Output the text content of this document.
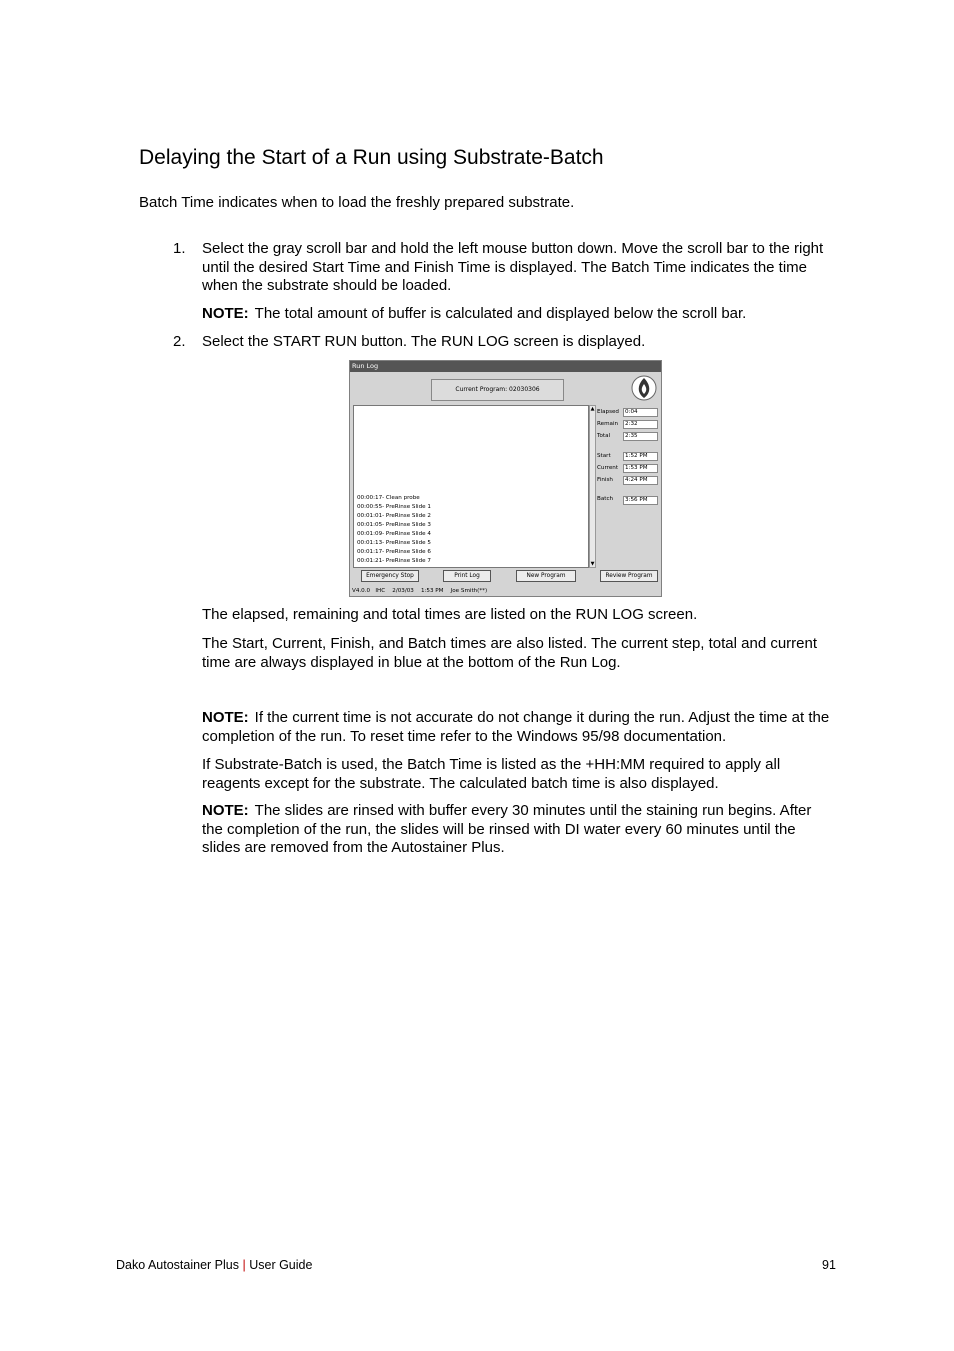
Delaying the Start of a Run using Substrate-Batch

Batch Time indicates when to load the freshly prepared substrate.

1. Select the gray scroll bar and hold the left mouse button down. Move the scroll bar to the right until the desired Start Time and Finish Time is displayed. The Batch Time indicates the time when the substrate should be loaded.

NOTE: The total amount of buffer is calculated and displayed below the scroll bar.

2. Select the START RUN button. The RUN LOG screen is displayed.

Run Log
Current Program: 02030306
00:00:17- Clean probe
00:00:55- PreRinse Slide 1
00:01:01- PreRinse Slide 2
00:01:05- PreRinse Slide 3
00:01:09- PreRinse Slide 4
00:01:13- PreRinse Slide 5
00:01:17- PreRinse Slide 6
00:01:21- PreRinse Slide 7
▲
▼
Elapsed	0:04
Remain	2:32
Total	2:35
Start	1:52 PM
Current	1:53 PM
Finish	4:24 PM
Batch	3:56 PM
Emergency Stop	Print Log	New Program	Review Program
V4.0.0   IHC    2/03/03    1:53 PM    Joe Smith(**)

The elapsed, remaining and total times are listed on the RUN LOG screen.

The Start, Current, Finish, and Batch times are also listed. The current step, total and current time are always displayed in blue at the bottom of the Run Log.

NOTE: If the current time is not accurate do not change it during the run. Adjust the time at the completion of the run. To reset time refer to the Windows 95/98 documentation.

If Substrate-Batch is used, the Batch Time is listed as the +HH:MM required to apply all reagents except for the substrate. The calculated batch time is also displayed.

NOTE: The slides are rinsed with buffer every 30 minutes until the staining run begins. After the completion of the run, the slides will be rinsed with DI water every 60 minutes until the slides are removed from the Autostainer Plus.

Dako Autostainer Plus | User Guide	91
